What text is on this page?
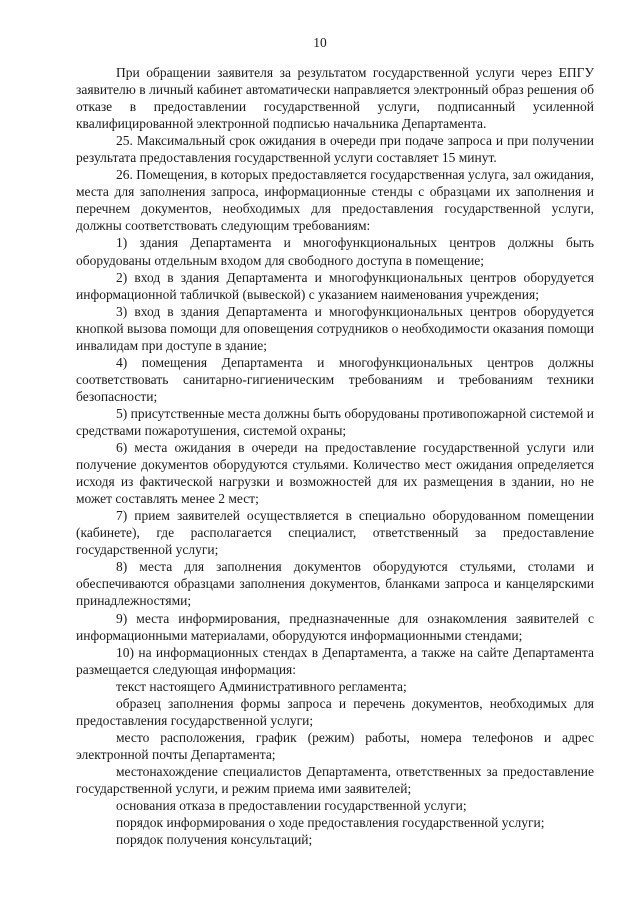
10

При обращении заявителя за результатом государственной услуги через ЕПГУ заявителю в личный кабинет автоматически направляется электронный образ решения об отказе в предоставлении государственной услуги, подписанный усиленной квалифицированной электронной подписью начальника Департамента.

25. Максимальный срок ожидания в очереди при подаче запроса и при получении результата предоставления государственной услуги составляет 15 минут.

26. Помещения, в которых предоставляется государственная услуга, зал ожидания, места для заполнения запроса, информационные стенды с образцами их заполнения и перечнем документов, необходимых для предоставления государственной услуги, должны соответствовать следующим требованиям:

1) здания Департамента и многофункциональных центров должны быть оборудованы отдельным входом для свободного доступа в помещение;

2) вход в здания Департамента и многофункциональных центров оборудуется информационной табличкой (вывеской) с указанием наименования учреждения;

3) вход в здания Департамента и многофункциональных центров оборудуется кнопкой вызова помощи для оповещения сотрудников о необходимости оказания помощи инвалидам при доступе в здание;

4) помещения Департамента и многофункциональных центров должны соответствовать санитарно-гигиеническим требованиям и требованиям техники безопасности;

5) присутственные места должны быть оборудованы противопожарной системой и средствами пожаротушения, системой охраны;

6) места ожидания в очереди на предоставление государственной услуги или получение документов оборудуются стульями. Количество мест ожидания определяется исходя из фактической нагрузки и возможностей для их размещения в здании, но не может составлять менее 2 мест;

7) прием заявителей осуществляется в специально оборудованном помещении (кабинете), где располагается специалист, ответственный за предоставление государственной услуги;

8) места для заполнения документов оборудуются стульями, столами и обеспечиваются образцами заполнения документов, бланками запроса и канцелярскими принадлежностями;

9) места информирования, предназначенные для ознакомления заявителей с информационными материалами, оборудуются информационными стендами;

10) на информационных стендах в Департамента, а также на сайте Департамента размещается следующая информация:

текст настоящего Административного регламента;

образец заполнения формы запроса и перечень документов, необходимых для предоставления государственной услуги;

место расположения, график (режим) работы, номера телефонов и адрес электронной почты Департамента;

местонахождение специалистов Департамента, ответственных за предоставление государственной услуги, и режим приема ими заявителей;

основания отказа в предоставлении государственной услуги;

порядок информирования о ходе предоставления государственной услуги;

порядок получения консультаций;
